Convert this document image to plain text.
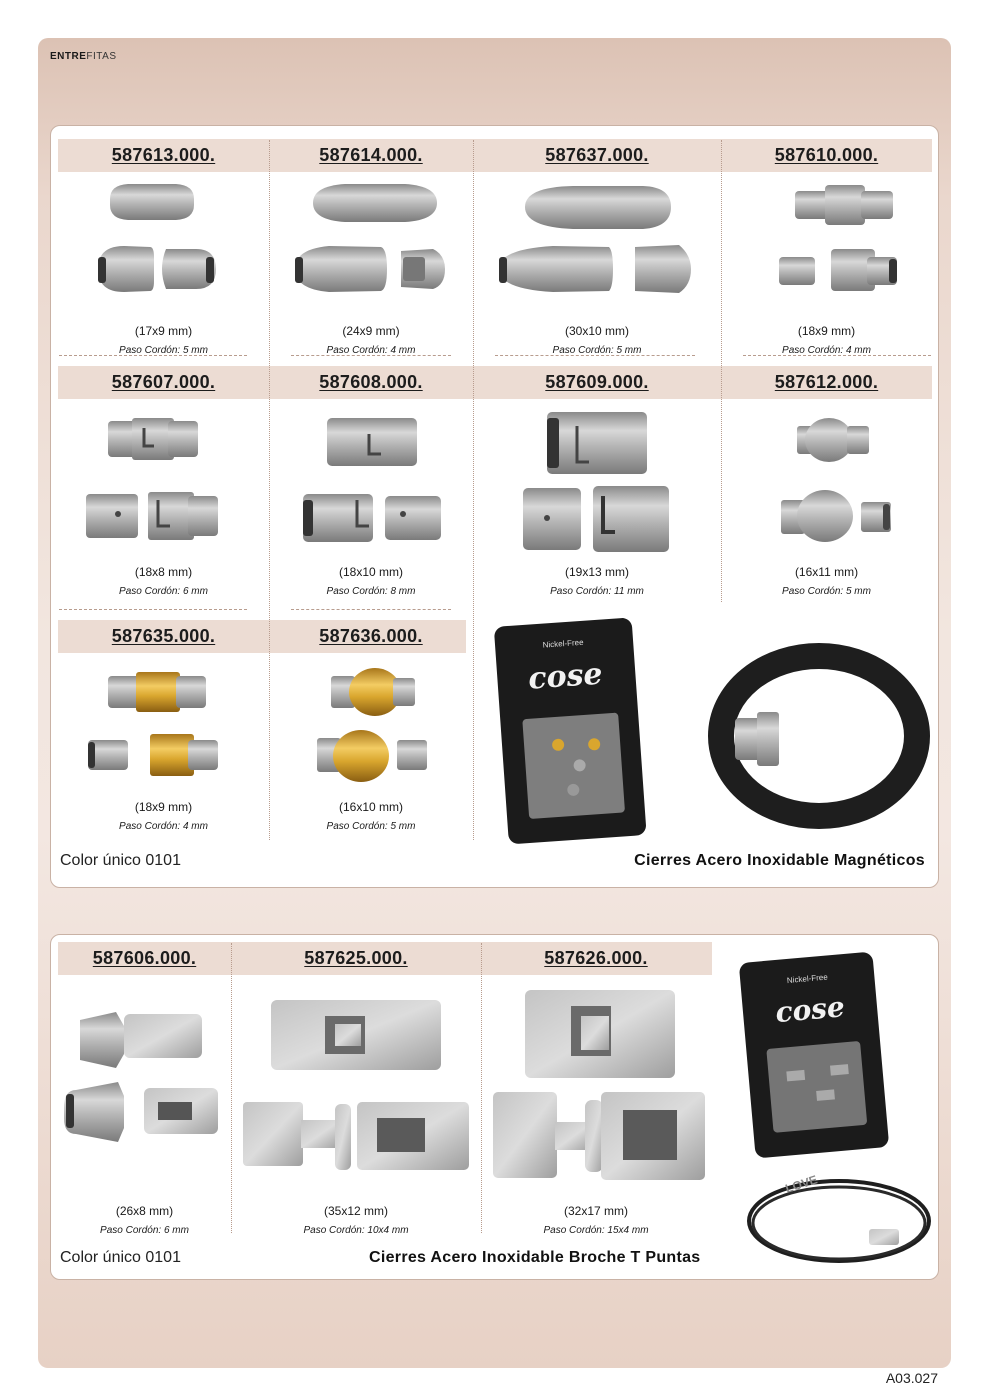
ENTREFITAS
587613.000.
(17x9 mm)
Paso Cordón: 5 mm
587614.000.
(24x9 mm)
Paso Cordón: 4 mm
587637.000.
(30x10 mm)
Paso Cordón: 5 mm
587610.000.
(18x9 mm)
Paso Cordón: 4 mm
587607.000.
(18x8 mm)
Paso Cordón: 6 mm
587608.000.
(18x10 mm)
Paso Cordón: 8 mm
587609.000.
(19x13 mm)
Paso Cordón: 11 mm
587612.000.
(16x11 mm)
Paso Cordón: 5 mm
587635.000.
(18x9 mm)
Paso Cordón: 4 mm
587636.000.
(16x10 mm)
Paso Cordón: 5 mm
Nickel-Free
cose
Color único 0101	Cierres Acero Inoxidable Magnéticos
587606.000.
(26x8 mm)
Paso Cordón: 6 mm
587625.000.
(35x12 mm)
Paso Cordón: 10x4 mm
587626.000.
(32x17 mm)
Paso Cordón: 15x4 mm
Nickel-Free
cose
LOVE
Color único 0101	Cierres Acero Inoxidable Broche T Puntas
A03.027
